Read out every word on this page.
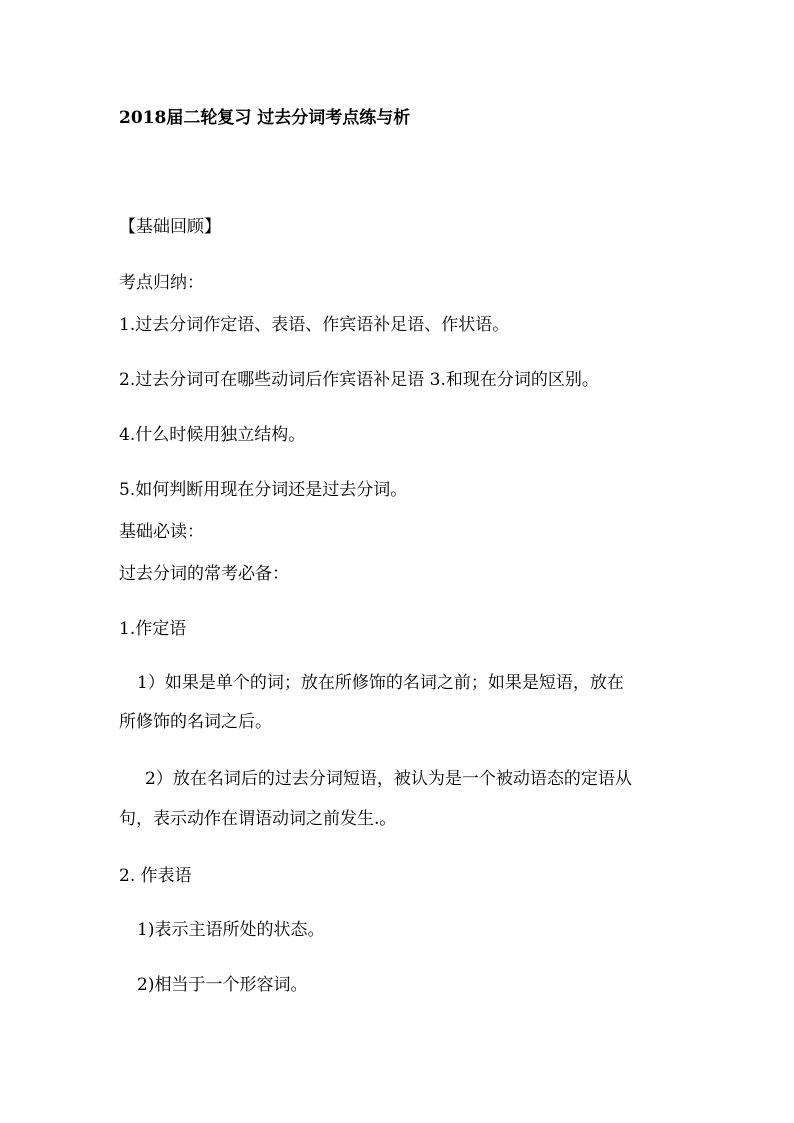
2018届二轮复习 过去分词考点练与析
【基础回顾】
考点归纳：
1.过去分词作定语、表语、作宾语补足语、作状语。
2.过去分词可在哪些动词后作宾语补足语 3.和现在分词的区别。
4.什么时候用独立结构。
5.如何判断用现在分词还是过去分词。
基础必读：
过去分词的常考必备：
1.作定语
1）如果是单个的词；放在所修饰的名词之前；如果是短语，放在
所修饰的名词之后。
2）放在名词后的过去分词短语，被认为是一个被动语态的定语从
句，表示动作在谓语动词之前发生.。
2. 作表语
1)表示主语所处的状态。
2)相当于一个形容词。
